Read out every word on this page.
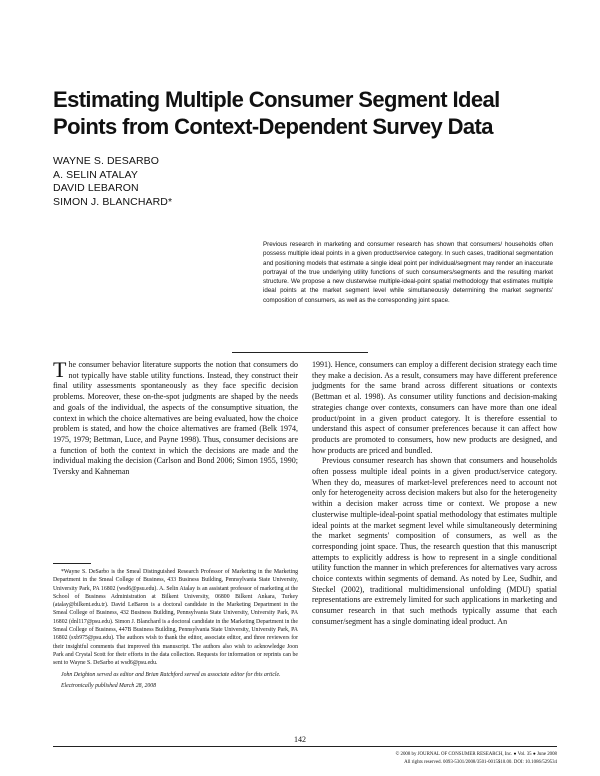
Estimating Multiple Consumer Segment Ideal
Points from Context-Dependent Survey Data
WAYNE S. DESARBO
A. SELIN ATALAY
DAVID LEBARON
SIMON J. BLANCHARD*
Previous research in marketing and consumer research has shown that consumers/ households often possess multiple ideal points in a given product/service category. In such cases, traditional segmentation and positioning models that estimate a single ideal point per individual/segment may render an inaccurate portrayal of the true underlying utility functions of such consumers/segments and the resulting market structure. We propose a new clusterwise multiple-ideal-point spatial methodology that estimates multiple ideal points at the market segment level while simultaneously determining the market segments' composition of consumers, as well as the corresponding joint space.

The consumer behavior literature supports the notion that consumers do not typically have stable utility functions. Instead, they construct their final utility assessments spontaneously as they face specific decision problems. Moreover, these on-the-spot judgments are shaped by the needs and goals of the individual, the aspects of the consumptive situation, the context in which the choice alternatives are being evaluated, how the choice problem is stated, and how the choice alternatives are framed (Belk 1974, 1975, 1979; Bettman, Luce, and Payne 1998). Thus, consumer decisions are a function of both the context in which the decisions are made and the individual making the decision (Carlson and Bond 2006; Simon 1955, 1990; Tversky and Kahneman

1991). Hence, consumers can employ a different decision strategy each time they make a decision. As a result, consumers may have different preference judgments for the same brand across different situations or contexts (Bettman et al. 1998). As consumer utility functions and decision-making strategies change over contexts, consumers can have more than one ideal product/point in a given product category. It is therefore essential to understand this aspect of consumer preferences because it can affect how products are promoted to consumers, how new products are designed, and how products are priced and bundled.

Previous consumer research has shown that consumers and households often possess multiple ideal points in a given product/service category. When they do, measures of market-level preferences need to account not only for heterogeneity across decision makers but also for the heterogeneity within a decision maker across time or context. We propose a new clusterwise multiple-ideal-point spatial methodology that estimates multiple ideal points at the market segment level while simultaneously determining the market segments' composition of consumers, as well as the corresponding joint space. Thus, the research question that this manuscript attempts to explicitly address is how to represent in a single conditional utility function the manner in which preferences for alternatives vary across choice contexts within segments of demand. As noted by Lee, Sudhir, and Steckel (2002), traditional multidimensional unfolding (MDU) spatial representations are extremely limited for such applications in marketing and consumer research in that such methods typically assume that each consumer/segment has a single dominating ideal product. An

*Wayne S. DeSarbo is the Smeal Distinguished Research Professor of Marketing in the Marketing Department in the Smeal College of Business, 433 Business Building, Pennsylvania State University, University Park, PA 16802 (wsd6@psu.edu). A. Selin Atalay is an assistant professor of marketing at the School of Business Administration at Bilkent University, 06800 Bilkent Ankara, Turkey (atalay@bilkent.edu.tr). David LeBaron is a doctoral candidate in the Marketing Department in the Smeal College of Business, 432 Business Building, Pennsylvania State University, University Park, PA 16802 (dnl117@psu.edu). Simon J. Blanchard is a doctoral candidate in the Marketing Department in the Smeal College of Business, 447B Business Building, Pennsylvania State University, University Park, PA 16802 (sxb975@psu.edu). The authors wish to thank the editor, associate editor, and three reviewers for their insightful comments that improved this manuscript. The authors also wish to acknowledge Joon Park and Crystal Scott for their efforts in the data collection. Requests for information or reprints can be sent to Wayne S. DeSarbo at wsd6@psu.edu.

John Deighton served as editor and Brian Ratchford served as associate editor for this article.

Electronically published March 28, 2008

142
© 2008 by JOURNAL OF CONSUMER RESEARCH, Inc. ● Vol. 35 ● June 2008
All rights reserved. 0093-5301/2008/3501-0015$10.00. DOI: 10.1086/529534
